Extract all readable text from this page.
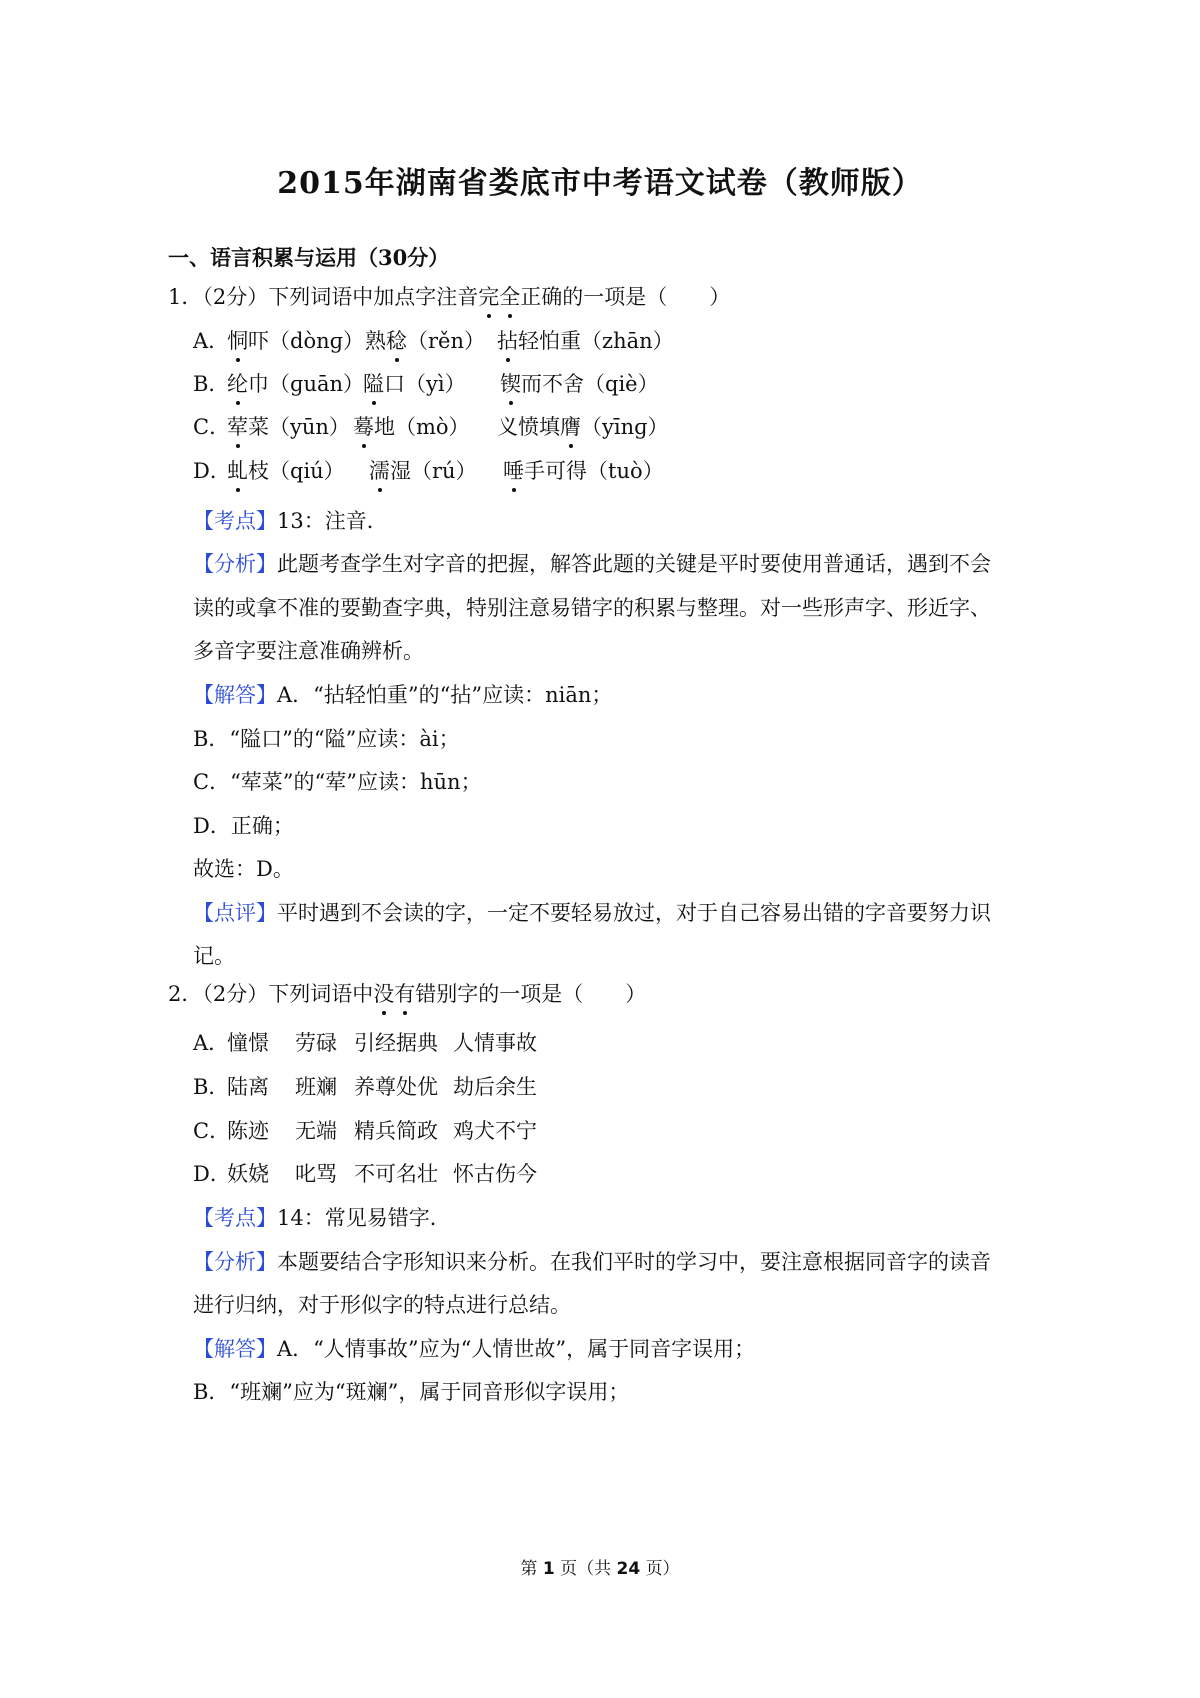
2015年湖南省娄底市中考语文试卷（教师版）
一、语言积累与运用（30分）
1．（2分）下列词语中加点字注音完全正确的一项是（　　）
A．
恫吓（dònɡ） 熟稔（rěn） 拈轻怕重（zhān）
B．
纶巾（ɡuān）
隘口（yì） 锲而不舍（qiè）
C．
荤菜（yūn） 蓦地（mò） 义愤填膺（yīnɡ）
D．
虬枝（qiú） 濡湿（rú） 唾手可得（tuò）
【考点】13：注音．
【分析】此题考查学生对字音的把握，解答此题的关键是平时要使用普通话，遇到不会
读的或拿不准的要勤查字典，特别注意易错字的积累与整理。对一些形声字、形近字、
多音字要注意准确辨析。
【解答】A．“拈轻怕重”的“拈”应读：niān；
B．“隘口”的“隘”应读：ài；
C．“荤菜”的“荤”应读：hūn；
D．正确；
故选：D。
【点评】平时遇到不会读的字，一定不要轻易放过，对于自己容易出错的字音要努力识
记。
2．（2分）下列词语中没有错别字的一项是（　　）
A．
憧憬 劳碌 引经据典 人情事故
B．
陆离 班斓 养尊处优 劫后余生
C．
陈迹 无端 精兵简政 鸡犬不宁
D．
妖娆 叱骂 不可名壮 怀古伤今
【考点】14：常见易错字．
【分析】本题要结合字形知识来分析。在我们平时的学习中，要注意根据同音字的读音
进行归纳，对于形似字的特点进行总结。
【解答】A．“人情事故”应为“人情世故”，属于同音字误用；
B．“班斓”应为“斑斓”，属于同音形似字误用；
第 1 页（共 24 页）
